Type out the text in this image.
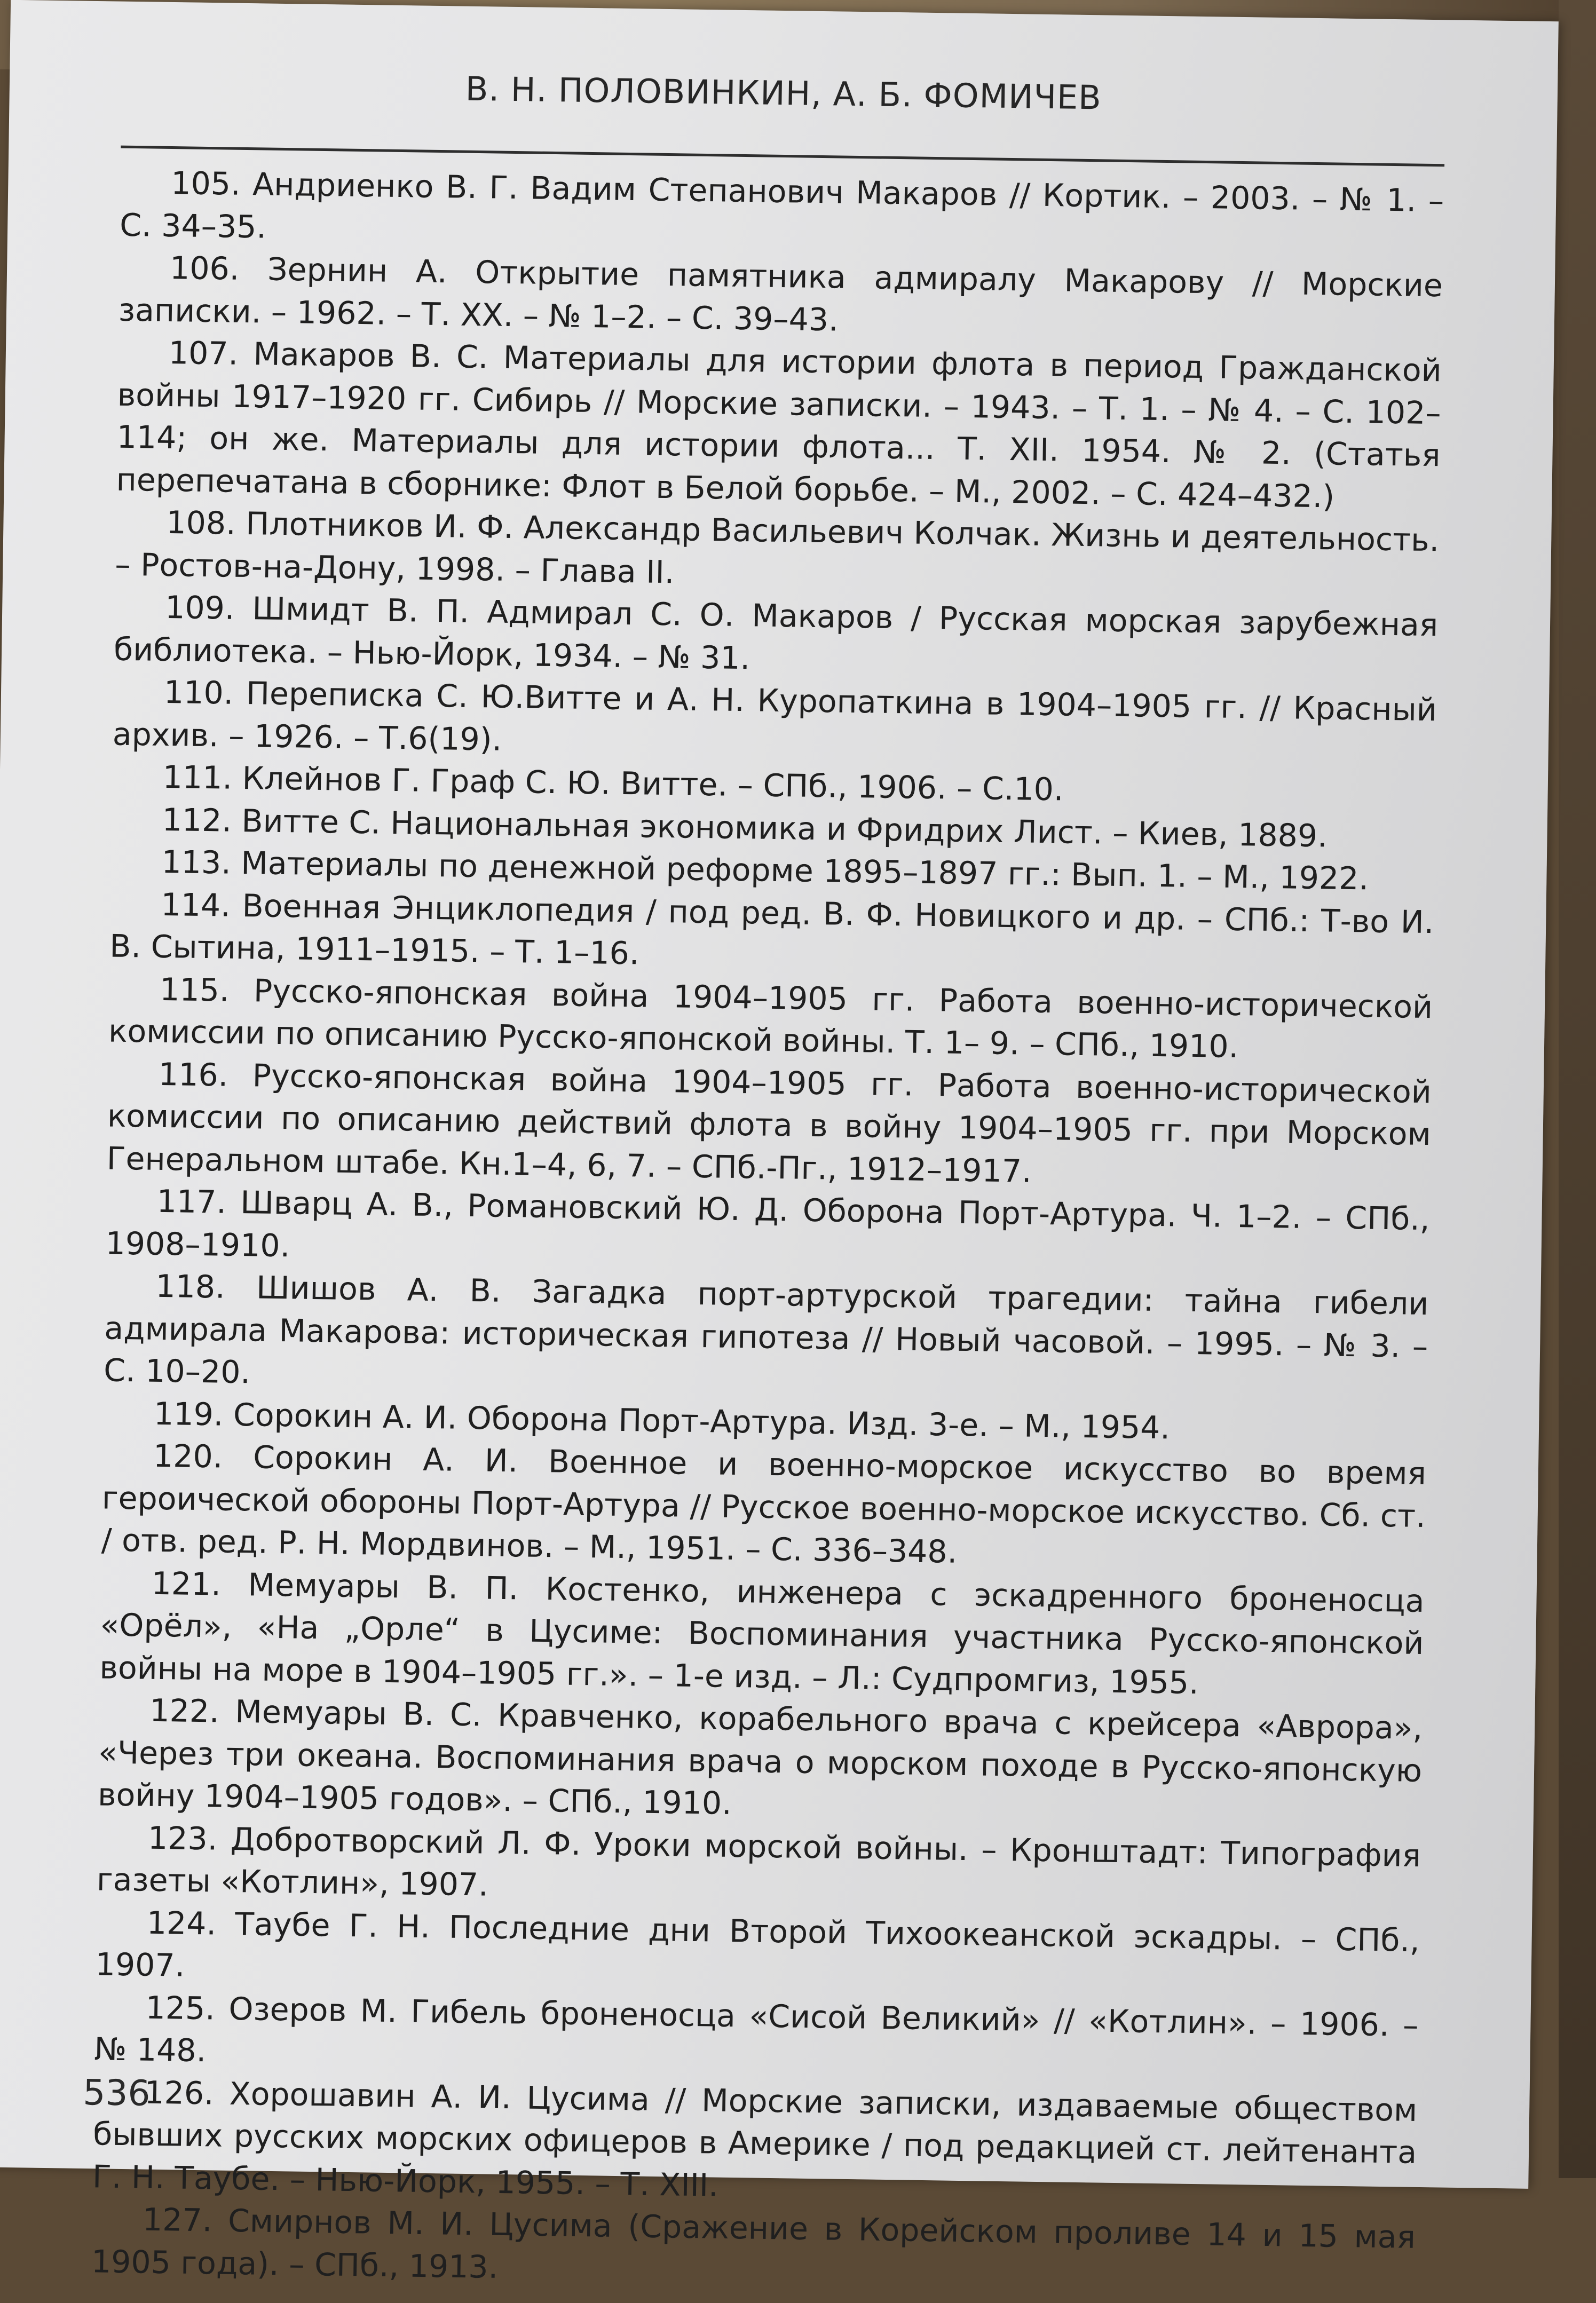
В. Н. ПОЛОВИНКИН, А. Б. ФОМИЧЕВ

105. Андриенко В. Г. Вадим Степанович Макаров // Кортик. – 2003. – № 1. – С. 34–35.

106. Зернин А. Открытие памятника адмиралу Макарову // Морские записки. – 1962. – Т. XX. – № 1–2. – С. 39–43.

107. Макаров В. С. Материалы для истории флота в период Гражданской войны 1917–1920 гг. Сибирь // Морские записки. – 1943. – Т. 1. – № 4. – С. 102–114; он же. Материалы для истории флота... Т. XII. 1954. № 2. (Статья перепечатана в сборнике: Флот в Белой борьбе. – М., 2002. – С. 424–432.)

108. Плотников И. Ф. Александр Васильевич Колчак. Жизнь и деятельность. – Ростов-на-Дону, 1998. – Глава II.

109. Шмидт В. П. Адмирал С. О. Макаров / Русская морская зарубежная библиотека. – Нью-Йорк, 1934. – № 31.

110. Переписка С. Ю.Витте и А. Н. Куропаткина в 1904–1905 гг. // Красный архив. – 1926. – Т.6(19).

111. Клейнов Г. Граф С. Ю. Витте. – СПб., 1906. – С.10.

112. Витте С. Национальная экономика и Фридрих Лист. – Киев, 1889.

113. Материалы по денежной реформе 1895–1897 гг.: Вып. 1. – М., 1922.

114. Военная Энциклопедия / под ред. В. Ф. Новицкого и др. – СПб.: Т-во И. В. Сытина, 1911–1915. – Т. 1–16.

115. Русско-японская война 1904–1905 гг. Работа военно-исторической комиссии по описанию Русско-японской войны. Т. 1– 9. – СПб., 1910.

116. Русско-японская война 1904–1905 гг. Работа военно-исторической комиссии по описанию действий флота в войну 1904–1905 гг. при Морском Генеральном штабе. Кн.1–4, 6, 7. – СПб.-Пг., 1912–1917.

117. Шварц А. В., Романовский Ю. Д. Оборона Порт-Артура. Ч. 1–2. – СПб., 1908–1910.

118. Шишов А. В. Загадка порт-артурской трагедии: тайна гибели адмирала Макарова: историческая гипотеза // Новый часовой. – 1995. – № 3. – С. 10–20.

119. Сорокин А. И. Оборона Порт-Артура. Изд. 3-е. – М., 1954.

120. Сорокин А. И. Военное и военно-морское искусство во время героической обороны Порт-Артура // Русское военно-морское искусство. Сб. ст. / отв. ред. Р. Н. Мордвинов. – М., 1951. – С. 336–348.

121. Мемуары В. П. Костенко, инженера с эскадренного броненосца «Орёл», «На „Орле“ в Цусиме: Воспоминания участника Русско-японской войны на море в 1904–1905 гг.». – 1-е изд. – Л.: Судпромгиз, 1955.

122. Мемуары В. С. Кравченко, корабельного врача с крейсера «Аврора», «Через три океана. Воспоминания врача о морском походе в Русско-японскую войну 1904–1905 годов». – СПб., 1910.

123. Добротворский Л. Ф. Уроки морской войны. – Кронштадт: Типография газеты «Котлин», 1907.

124. Таубе Г. Н. Последние дни Второй Тихоокеанской эскадры. – СПб., 1907.

125. Озеров М. Гибель броненосца «Сисой Великий» // «Котлин». – 1906. – № 148.

126. Хорошавин А. И. Цусима // Морские записки, издаваемые обществом бывших русских морских офицеров в Америке / под редакцией ст. лейтенанта Г. Н. Таубе. – Нью-Йорк, 1955. – Т. XIII.

127. Смирнов М. И. Цусима (Сражение в Корейском проливе 14 и 15 мая 1905 года). – СПб., 1913.

536
